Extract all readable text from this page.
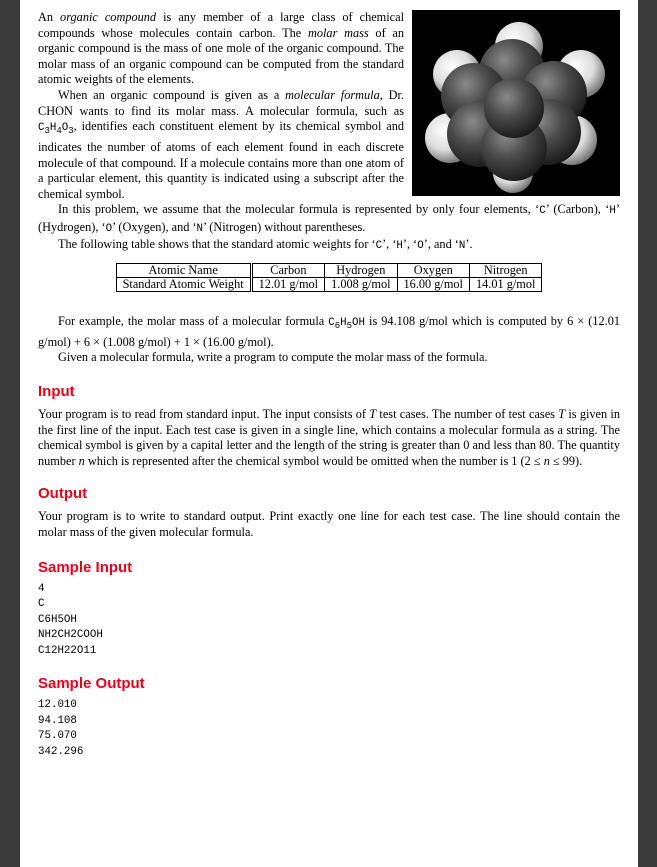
An organic compound is any member of a large class of chemical compounds whose molecules contain carbon. The molar mass of an organic compound is the mass of one mole of the organic compound. The molar mass of an organic compound can be computed from the standard atomic weights of the elements.

When an organic compound is given as a molecular formula, Dr. CHON wants to find its molar mass. A molecular formula, such as $C_3H_4O_3$, identifies each constituent element by its chemical symbol and indicates the number of atoms of each element found in each discrete molecule of that compound. If a molecule contains more than one atom of a particular element, this quantity is indicated using a subscript after the chemical symbol.

In this problem, we assume that the molecular formula is represented by only four elements, ‘C’ (Carbon), ‘H’ (Hydrogen), ‘O’ (Oxygen), and ‘N’ (Nitrogen) without parentheses.

The following table shows that the standard atomic weights for ‘C’, ‘H’, ‘O’, and ‘N’.

Atomic Name	Carbon	Hydrogen	Oxygen	Nitrogen
Standard Atomic Weight	12.01 g/mol	1.008 g/mol	16.00 g/mol	14.01 g/mol

For example, the molar mass of a molecular formula $C_6H_5OH$ is 94.108 g/mol which is computed by 6 × (12.01 g/mol) + 6 × (1.008 g/mol) + 1 × (16.00 g/mol).

Given a molecular formula, write a program to compute the molar mass of the formula.

Input

Your program is to read from standard input. The input consists of T test cases. The number of test cases T is given in the first line of the input. Each test case is given in a single line, which contains a molecular formula as a string. The chemical symbol is given by a capital letter and the length of the string is greater than 0 and less than 80. The quantity number n which is represented after the chemical symbol would be omitted when the number is 1 (2 ≤ n ≤ 99).

Output

Your program is to write to standard output. Print exactly one line for each test case. The line should contain the molar mass of the given molecular formula.

Sample Input

4

C

C6H5OH

NH2CH2COOH

C12H22O11

Sample Output

12.010

94.108

75.070

342.296
